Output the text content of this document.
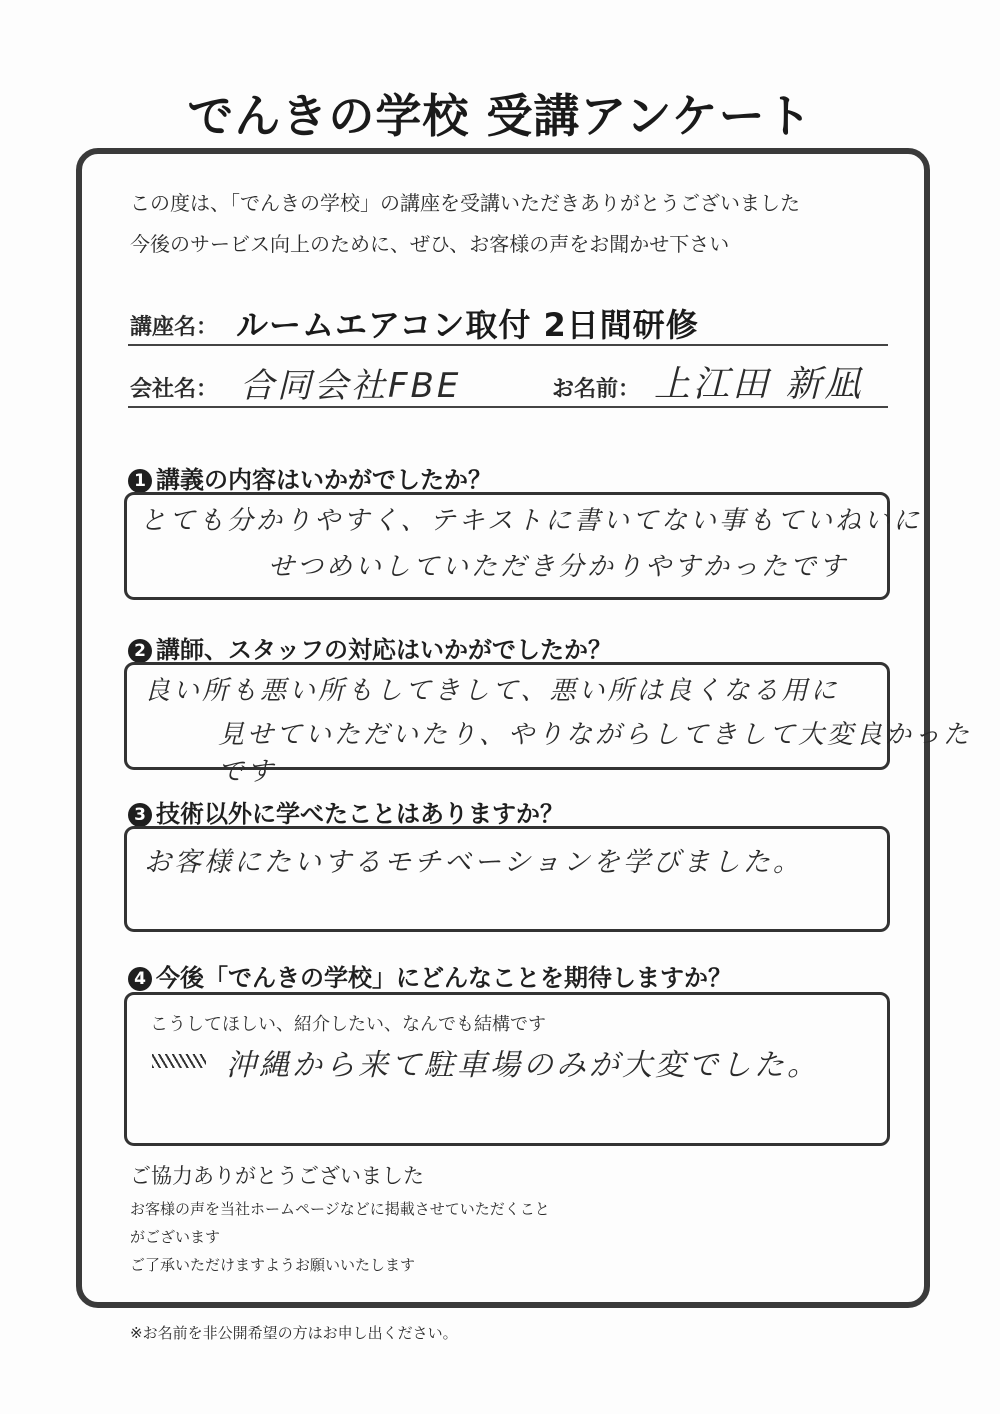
でんきの学校 受講アンケート
この度は、「でんきの学校」の講座を受講いただきありがとうございました
今後のサービス向上のために、ぜひ、お客様の声をお聞かせ下さい
講座名： ルームエアコン取付 2日間研修
会社名： 合同会社FBE	お名前： 上江田 新凪
1 講義の内容はいかがでしたか？
とても分かりやすく、テキストに書いてない事もていねいに
せつめいしていただき分かりやすかったです
2 講師、スタッフの対応はいかがでしたか？
良い所も悪い所もしてきして、悪い所は良くなる用に
見せていただいたり、やりながらしてきして大変良かったです
3 技術以外に学べたことはありますか？
お客様にたいするモチベーションを学びました。
4 今後「でんきの学校」にどんなことを期待しますか？
こうしてほしい、紹介したい、なんでも結構です
沖縄から来て駐車場のみが大変でした。
ご協力ありがとうございました
お客様の声を当社ホームページなどに掲載させていただくこと
がございます
ご了承いただけますようお願いいたします
※お名前を非公開希望の方はお申し出ください。
